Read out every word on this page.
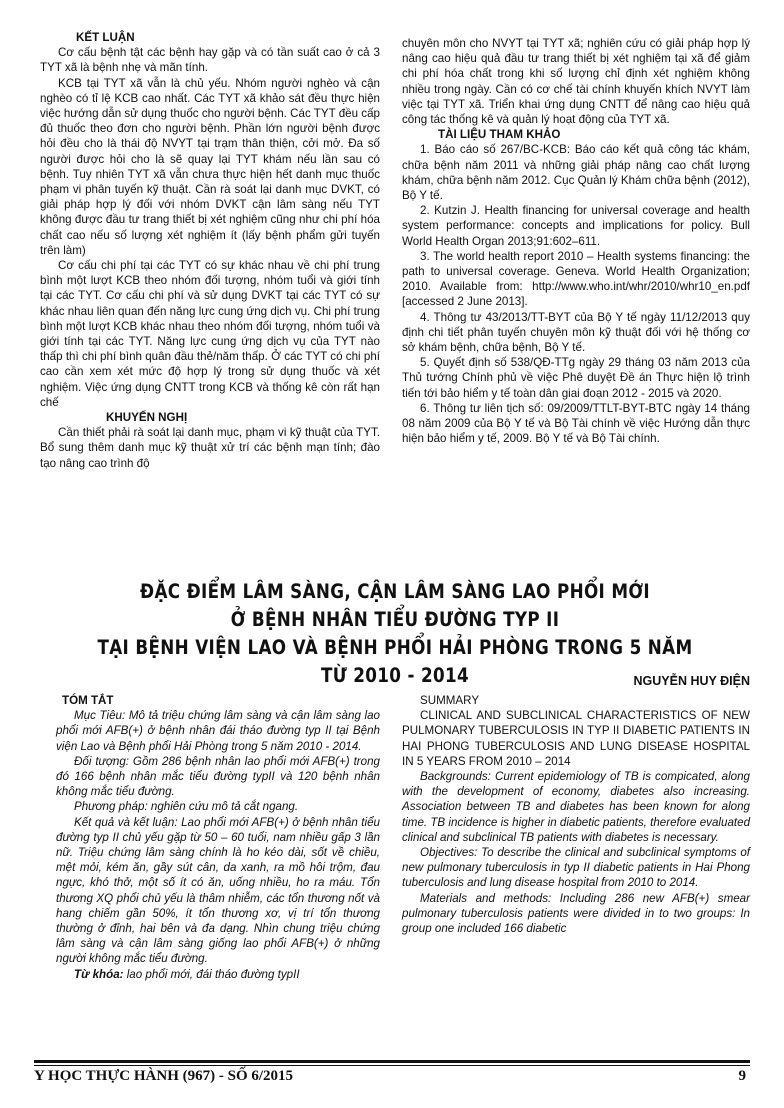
KẾT LUẬN

Cơ cấu bệnh tật các bệnh hay gặp và có tần suất cao ở cả 3 TYT xã là bệnh nhẹ và mãn tính.

KCB tại TYT xã vẫn là chủ yếu. Nhóm người nghèo và cận nghèo có tỉ lệ KCB cao nhất. Các TYT xã khảo sát đều thực hiện việc hướng dẫn sử dụng thuốc cho người bệnh. Các TYT đều cấp đủ thuốc theo đơn cho người bệnh. Phần lớn người bệnh được hỏi đều cho là thái độ NVYT tại trạm thân thiện, cởi mở. Đa số người được hỏi cho là sẽ quay lại TYT khám nếu lần sau có bệnh. Tuy nhiên TYT xã vẫn chưa thực hiện hết danh mục thuốc phạm vi phân tuyến kỹ thuật. Cần rà soát lại danh mục DVKT, có giải pháp hợp lý đối với nhóm DVKT cận lâm sàng nếu TYT không được đầu tư trang thiết bị xét nghiệm cũng như chi phí hóa chất cao nếu số lượng xét nghiệm ít (lấy bệnh phẩm gửi tuyến trên làm)

Cơ cấu chi phí tại các TYT có sự khác nhau về chi phí trung bình một lượt KCB theo nhóm đối tượng, nhóm tuổi và giới tính tại các TYT. Cơ cấu chi phí và sử dụng DVKT tại các TYT có sự khác nhau liên quan đến năng lực cung ứng dịch vụ. Chi phí trung bình một lượt KCB khác nhau theo nhóm đối tượng, nhóm tuổi và giới tính tại các TYT. Năng lực cung ứng dịch vụ của TYT nào thấp thì chi phí bình quân đầu thẻ/năm thấp. Ở các TYT có chi phí cao cần xem xét mức độ hợp lý trong sử dụng thuốc và xét nghiệm. Việc ứng dụng CNTT trong KCB và thống kê còn rất hạn chế

KHUYẾN NGHỊ

Cần thiết phải rà soát lại danh mục, phạm vi kỹ thuật của TYT. Bổ sung thêm danh mục kỹ thuật xử trí các bệnh mạn tính; đào tạo nâng cao trình độ

chuyên môn cho NVYT tại TYT xã; nghiên cứu có giải pháp hợp lý nâng cao hiệu quả đầu tư trang thiết bị xét nghiệm tại xã để giảm chi phí hóa chất trong khi số lượng chỉ định xét nghiệm không nhiều trong ngày. Cần có cơ chế tài chính khuyến khích NVYT làm việc tại TYT xã. Triển khai ứng dụng CNTT để nâng cao hiệu quả công tác thống kê và quản lý hoạt động của TYT xã.

TÀI LIỆU THAM KHẢO

1. Báo cáo số 267/BC-KCB: Báo cáo kết quả công tác khám, chữa bệnh năm 2011 và những giải pháp nâng cao chất lượng khám, chữa bệnh năm 2012. Cục Quản lý Khám chữa bệnh (2012), Bộ Y tế.

2. Kutzin J. Health financing for universal coverage and health system performance: concepts and implications for policy. Bull World Health Organ 2013;91:602–611.

3. The world health report 2010 – Health systems financing: the path to universal coverage. Geneva. World Health Organization; 2010. Available from: http://www.who.int/whr/2010/whr10_en.pdf [accessed 2 June 2013].

4. Thông tư 43/2013/TT-BYT của Bộ Y tế ngày 11/12/2013 quy định chi tiết phân tuyến chuyên môn kỹ thuật đối với hệ thống cơ sở khám bệnh, chữa bệnh, Bộ Y tế.

5. Quyết định số 538/QĐ-TTg ngày 29 tháng 03 năm 2013 của Thủ tướng Chính phủ về việc Phê duyệt Đề án Thực hiện lộ trình tiến tới bảo hiểm y tế toàn dân giai đoạn 2012 - 2015 và 2020.

6. Thông tư liên tịch số: 09/2009/TTLT-BYT-BTC ngày 14 tháng 08 năm 2009 của Bộ Y tế và Bộ Tài chính về việc Hướng dẫn thực hiện bảo hiểm y tế, 2009. Bộ Y tế và Bộ Tài chính.

ĐẶC ĐIỂM LÂM SÀNG, CẬN LÂM SÀNG LAO PHỔI MỚI
Ở BỆNH NHÂN TIỂU ĐƯỜNG TYP II
TẠI BỆNH VIỆN LAO VÀ BỆNH PHỔI HẢI PHÒNG TRONG 5 NĂM TỪ 2010 - 2014	NGUYỄN HUY ĐIỆN

TÓM TẮT

Mục Tiêu: Mô tả triệu chứng lâm sàng và cận lâm sàng lao phổi mới AFB(+) ở bệnh nhân đái tháo đường typ II tại Bệnh viện Lao và Bệnh phổi Hải Phòng trong 5 năm 2010 - 2014.

Đối tượng: Gồm 286 bệnh nhân lao phổi mới AFB(+) trong đó 166 bệnh nhân mắc tiểu đường typII và 120 bệnh nhân không mắc tiểu đường.

Phương pháp: nghiên cứu mô tả cắt ngang.

Kết quả và kết luận: Lao phổi mới AFB(+) ở bệnh nhân tiểu đường typ II chủ yếu gặp từ 50 – 60 tuổi, nam nhiều gấp 3 lần nữ. Triệu chứng lâm sàng chính là ho kéo dài, sốt về chiều, mệt mỏi, kém ăn, gầy sút cân, da xanh, ra mồ hôi trộm, đau ngực, khó thở, một số ít có ăn, uống nhiều, ho ra máu. Tổn thương XQ phổi chủ yếu là thâm nhiễm, các tổn thương nốt và hang chiếm gần 50%, ít tổn thương xơ, vị trí tổn thương thường ở đỉnh, hai bên và đa dạng. Nhìn chung triệu chứng lâm sàng và cận lâm sàng giống lao phổi AFB(+) ở những người không mắc tiểu đường.

Từ khóa: lao phổi mới, đái tháo đường typII

SUMMARY

CLINICAL AND SUBCLINICAL CHARACTERISTICS OF NEW PULMONARY TUBERCULOSIS IN TYP II DIABETIC PATIENTS IN HAI PHONG TUBERCULOSIS AND LUNG DISEASE HOSPITAL IN 5 YEARS FROM 2010 – 2014

Backgrounds: Current epidemiology of TB is compicated, along with the development of economy, diabetes also increasing. Association between TB and diabetes has been known for along time. TB incidence is higher in diabetic patients, therefore evaluated clinical and subclinical TB patients with diabetes is necessary.

Objectives: To describe the clinical and subclinical symptoms of new pulmonary tuberculosis in typ II diabetic patients in Hai Phong tuberculosis and lung disease hospital from 2010 to 2014.

Materials and methods: Including 286 new AFB(+) smear pulmonary tuberculosis patients were divided in to two groups: In group one included 166 diabetic

Y HỌC THỰC HÀNH (967) - SỐ 6/2015	9
